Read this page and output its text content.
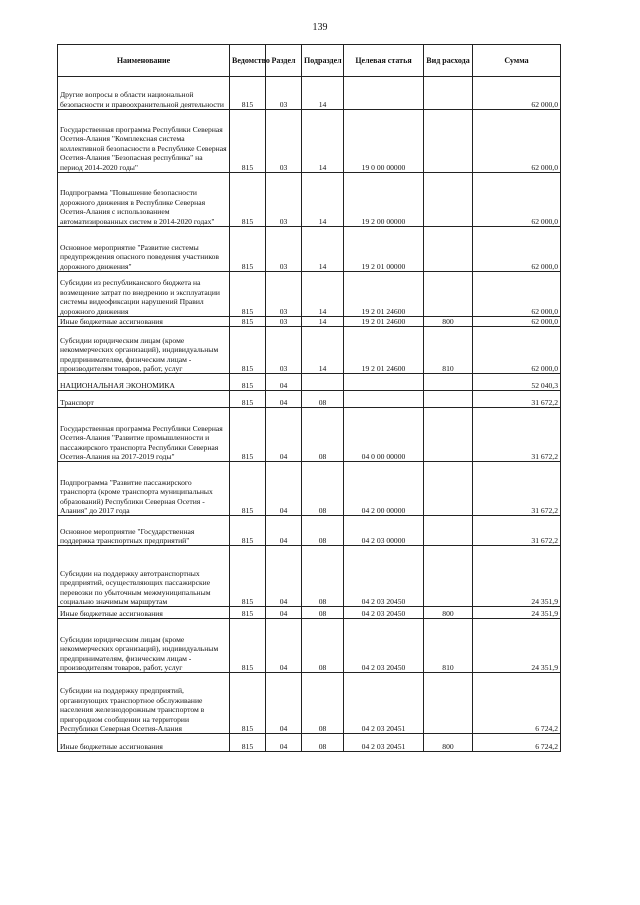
139
Наименование	Ведомство	Раздел	Подраздел	Целевая статья	Вид расхода	Сумма
Другие вопросы в области национальной безопасности и правоохранительной деятельности	815	03	14			62 000,0
Государственная программа Республики Северная Осетия-Алания "Комплексная система коллективной безопасности в Республике Северная Осетия-Алания "Безопасная республика" на период 2014-2020 годы"	815	03	14	19 0 00 00000		62 000,0
Подпрограмма "Повышение безопасности дорожного движения в Республике Северная Осетия-Алания с использованием автоматизированных систем в 2014-2020 годах"	815	03	14	19 2 00 00000		62 000,0
Основное мероприятие "Развитие системы предупреждения опасного поведения участников дорожного движения"	815	03	14	19 2 01 00000		62 000,0
Субсидии из республиканского бюджета на возмещение затрат по внедрению и эксплуатации системы видеофиксации нарушений Правил дорожного движения	815	03	14	19 2 01 24600		62 000,0
Иные бюджетные ассигнования	815	03	14	19 2 01 24600	800	62 000,0
Субсидии юридическим лицам (кроме некоммерческих организаций), индивидуальным предпринимателям, физическим лицам - производителям товаров, работ, услуг	815	03	14	19 2 01 24600	810	62 000,0
НАЦИОНАЛЬНАЯ ЭКОНОМИКА	815	04				52 040,3
Транспорт	815	04	08			31 672,2
Государственная программа Республики Северная Осетия-Алания "Развитие промышленности и пассажирского транспорта Республики Северная Осетия-Алания на 2017-2019 годы"	815	04	08	04 0 00 00000		31 672,2
Подпрограмма "Развитие пассажирского транспорта (кроме транспорта муниципальных образований) Республики Северная Осетия - Алания" до 2017 года	815	04	08	04 2 00 00000		31 672,2
Основное мероприятие "Государственная поддержка транспортных предприятий"	815	04	08	04 2 03 00000		31 672,2
Субсидии на поддержку автотранспортных предприятий, осуществляющих пассажирские перевозки по убыточным межмуниципальным социально значимым маршрутам	815	04	08	04 2 03 20450		24 351,9
Иные бюджетные ассигнования	815	04	08	04 2 03 20450	800	24 351,9
Субсидии юридическим лицам (кроме некоммерческих организаций), индивидуальным предпринимателям, физическим лицам - производителям товаров, работ, услуг	815	04	08	04 2 03 20450	810	24 351,9
Субсидии на поддержку предприятий, организующих транспортное обслуживание населения железнодорожным транспортом в пригородном сообщении на территории Республики Северная Осетия-Алания	815	04	08	04 2 03 20451		6 724,2
Иные бюджетные ассигнования	815	04	08	04 2 03 20451	800	6 724,2
